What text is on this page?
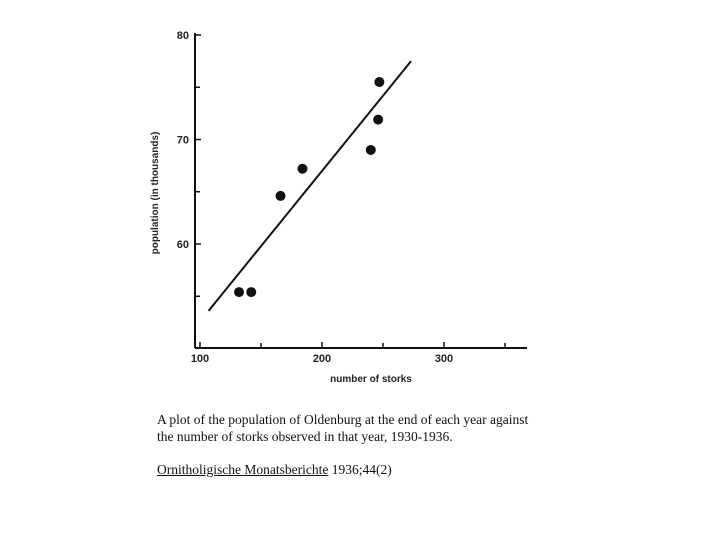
100	200	300
60
70
80
number of storks
population (in thousands)
A plot of the population of Oldenburg at the end of each year against
the number of storks observed in that year, 1930-1936.
Ornitholigische Monatsberichte 1936;44(2)
